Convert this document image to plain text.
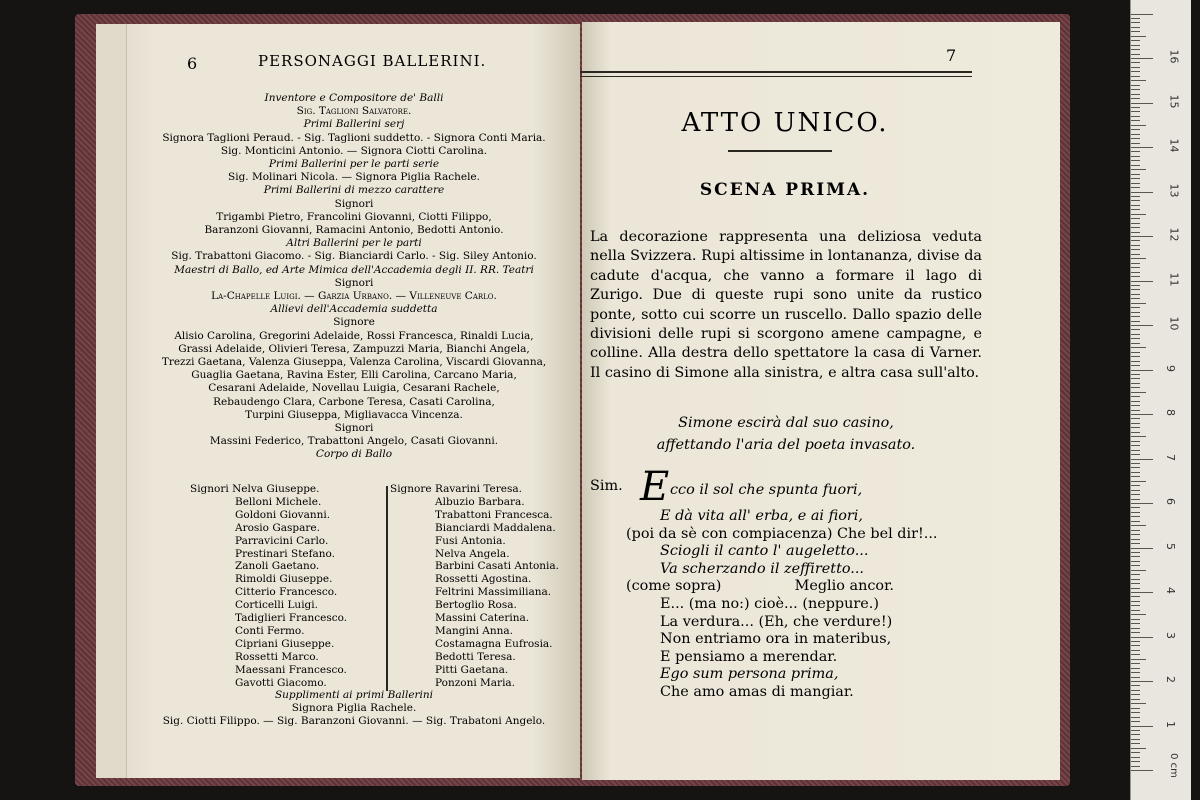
6	PERSONAGGI BALLERINI.
Inventore e Compositore de' Balli
Sig. Taglioni Salvatore.
Primi Ballerini serj
Signora Taglioni Peraud. - Sig. Taglioni suddetto. - Signora Conti Maria.
Sig. Monticini Antonio. — Signora Ciotti Carolina.
Primi Ballerini per le parti serie
Sig. Molinari Nicola. — Signora Piglia Rachele.
Primi Ballerini di mezzo carattere
Signori
Trigambi Pietro, Francolini Giovanni, Ciotti Filippo,
Baranzoni Giovanni, Ramacini Antonio, Bedotti Antonio.
Altri Ballerini per le parti
Sig. Trabattoni Giacomo. - Sig. Bianciardi Carlo. - Sig. Siley Antonio.
Maestri di Ballo, ed Arte Mimica dell'Accademia degli II. RR. Teatri
Signori
La-Chapelle Luigi. — Garzia Urbano. — Villeneuve Carlo.
Allievi dell'Accademia suddetta
Signore
Alisio Carolina, Gregorini Adelaide, Rossi Francesca, Rinaldi Lucia,
Grassi Adelaide, Olivieri Teresa, Zampuzzi Maria, Bianchi Angela,
Trezzi Gaetana, Valenza Giuseppa, Valenza Carolina, Viscardi Giovanna,
Guaglia Gaetana, Ravina Ester, Elli Carolina, Carcano Maria,
Cesarani Adelaide, Novellau Luigia, Cesarani Rachele,
Rebaudengo Clara, Carbone Teresa, Casati Carolina,
Turpini Giuseppa, Migliavacca Vincenza.
Signori
Massini Federico, Trabattoni Angelo, Casati Giovanni.
Corpo di Ballo
Signori Nelva Giuseppe.
Belloni Michele.
Goldoni Giovanni.
Arosio Gaspare.
Parravicini Carlo.
Prestinari Stefano.
Zanoli Gaetano.
Rimoldi Giuseppe.
Citterio Francesco.
Corticelli Luigi.
Tadiglieri Francesco.
Conti Fermo.
Cipriani Giuseppe.
Rossetti Marco.
Maessani Francesco.
Gavotti Giacomo.
Signore Ravarini Teresa.
Albuzio Barbara.
Trabattoni Francesca.
Bianciardi Maddalena.
Fusi Antonia.
Nelva Angela.
Barbini Casati Antonia.
Rossetti Agostina.
Feltrini Massimiliana.
Bertoglio Rosa.
Massini Caterina.
Mangini Anna.
Costamagna Eufrosia.
Bedotti Teresa.
Pitti Gaetana.
Ponzoni Maria.
Supplimenti ai primi Ballerini
Signora Piglia Rachele.
Sig. Ciotti Filippo. — Sig. Baranzoni Giovanni. — Sig. Trabatoni Angelo.
7
ATTO UNICO.
SCENA PRIMA.
La decorazione rappresenta una deliziosa veduta nella Svizzera. Rupi altissime in lontananza, divise da cadute d'acqua, che vanno a formare il lago di Zurigo. Due di queste rupi sono unite da rustico ponte, sotto cui scorre un ruscello. Dallo spazio delle divisioni delle rupi si scorgono amene campagne, e colline. Alla destra dello spettatore la casa di Varner. Il casino di Simone alla sinistra, e altra casa sull'alto.
Simone escirà dal suo casino,
affettando l'aria del poeta invasato.
Sim. E cco il sol che spunta fuori,
E dà vita all' erba, e ai fiori,
(poi da sè con compiacenza) Che bel dir!...
Sciogli il canto l' augeletto...
Va scherzando il zeffiretto...
(come sopra)                Meglio ancor.
E... (ma no:) cioè... (neppure.)
La verdura... (Eh, che verdure!)
Non entriamo ora in materibus,
E pensiamo a merendar.
Ego sum persona prima,
Che amo amas di mangiar.
0 cm
16
15
14
13
12
11
10
9
8
7
6
5
4
3
2
1
